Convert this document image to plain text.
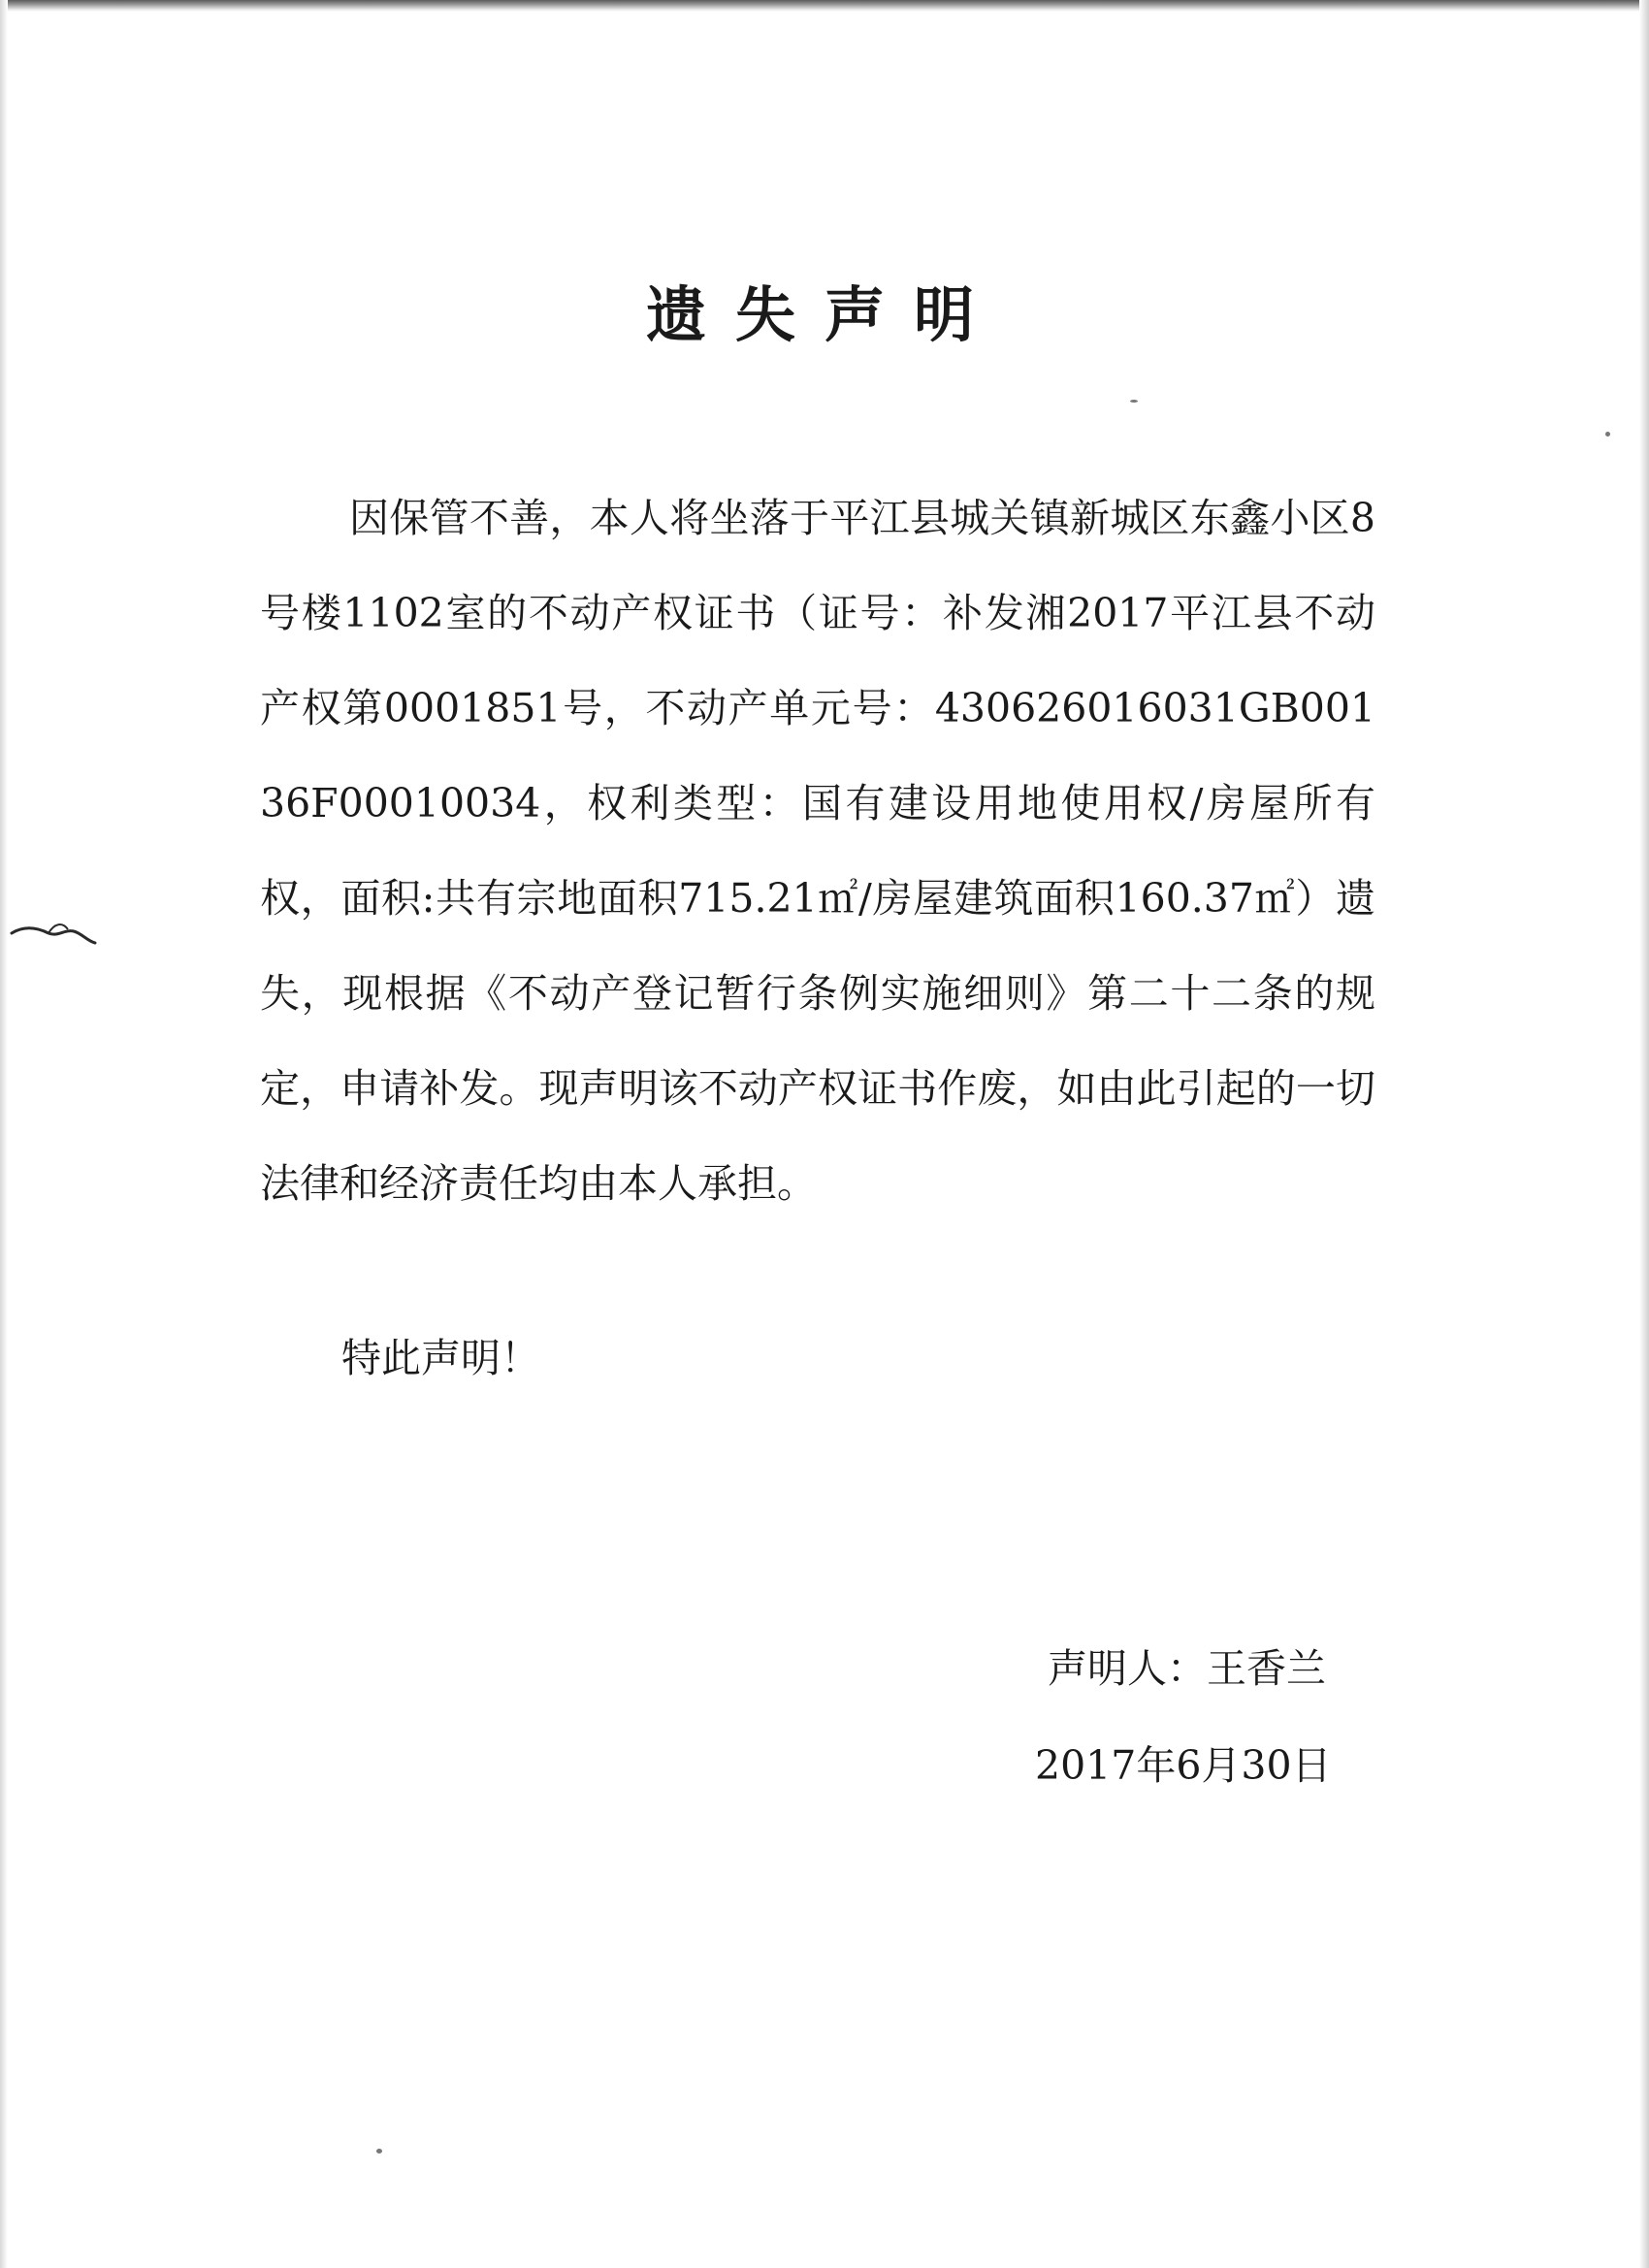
遗失声明
因保管不善，本人将坐落于平江县城关镇新城区东鑫小区8号楼1102室的不动产权证书（证号：补发湘2017平江县不动产权第0001851号，不动产单元号：430626016031GB00136F00010034，权利类型：国有建设用地使用权/房屋所有权，面积:共有宗地面积715.21㎡/房屋建筑面积160.37㎡）遗失，现根据《不动产登记暂行条例实施细则》第二十二条的规定，申请补发。现声明该不动产权证书作废，如由此引起的一切法律和经济责任均由本人承担。
特此声明！
声明人：王香兰
2017年6月30日
